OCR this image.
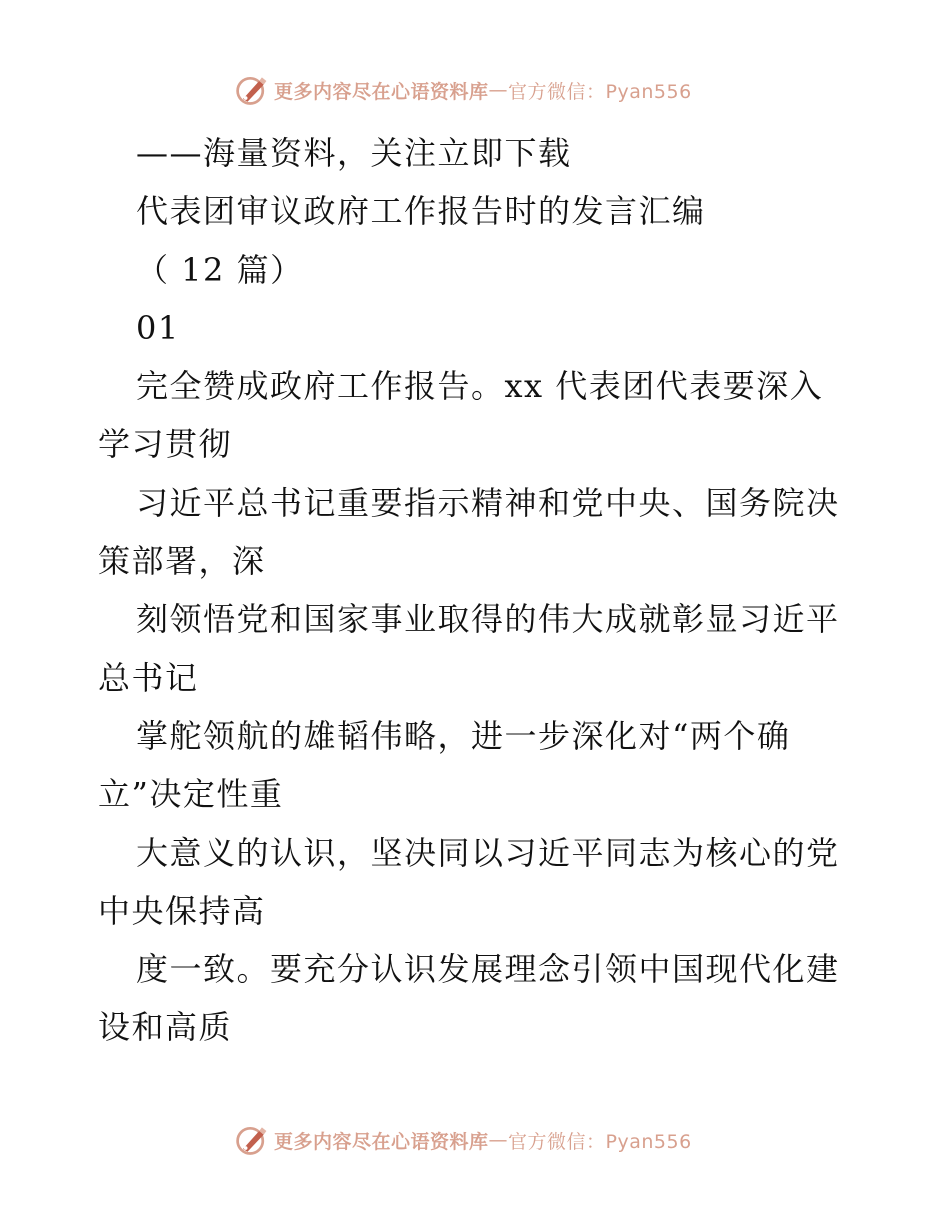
更多内容尽在心语资料库 — 官方微信：Pyan556
——海量资料，关注立即下载
代表团审议政府工作报告时的发言汇编
（ 12 篇）
01
完全赞成政府工作报告。xx 代表团代表要深入
学习贯彻
习近平总书记重要指示精神和党中央、国务院决
策部署，深
刻领悟党和国家事业取得的伟大成就彰显习近平
总书记
掌舵领航的雄韬伟略，进一步深化对“两个确
立”决定性重
大意义的认识，坚决同以习近平同志为核心的党
中央保持高
度一致。要充分认识发展理念引领中国现代化建
设和高质
更多内容尽在心语资料库 — 官方微信：Pyan556
